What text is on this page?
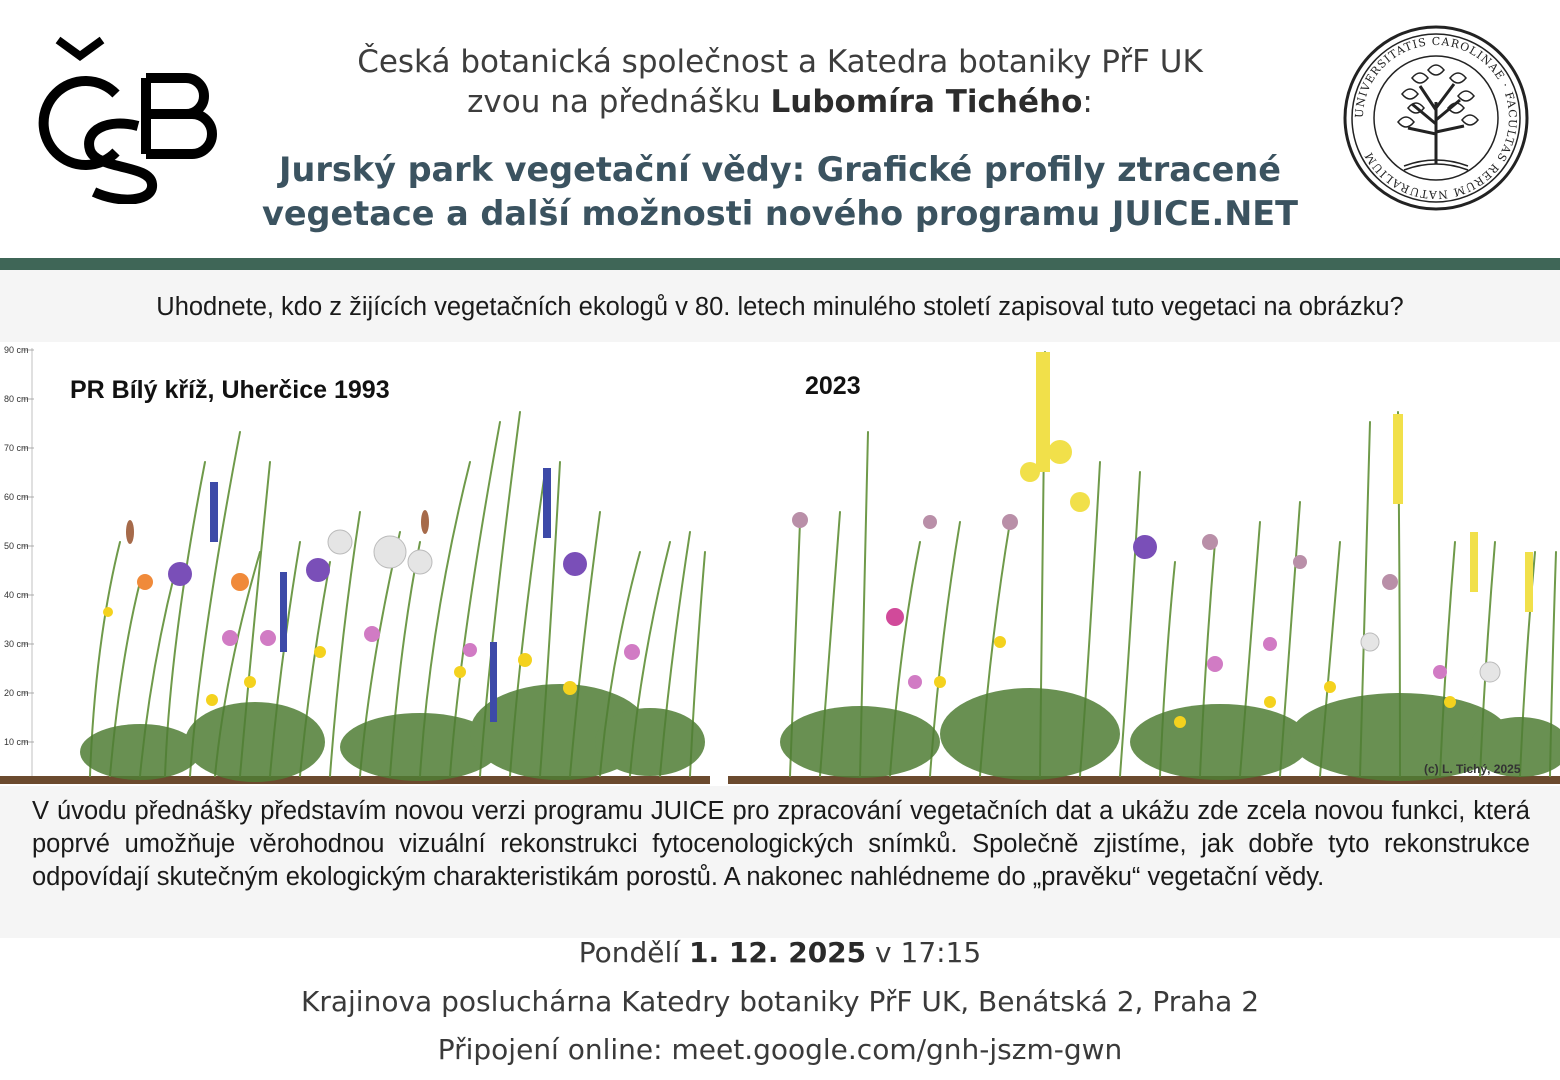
ČSB
Česká botanická společnost a Katedra botaniky PřF UK
zvou na přednášku Lubomíra Tichého:
Jurský park vegetační vědy: Grafické profily ztracené
vegetace a další možnosti nového programu JUICE.NET
UNIVERSITATIS CAROLINAE · FACULTAS RERUM NATURALIUM
Uhodnete, kdo z žijících vegetačních ekologů v 80. letech minulého století zapisoval tuto vegetaci na obrázku?
90 cm
80 cm
70 cm
60 cm
50 cm
40 cm
30 cm
20 cm
10 cm
PR Bílý kříž, Uherčice 1993	2023
(c) L. Tichý, 2025
V úvodu přednášky představím novou verzi programu JUICE pro zpracování vegetačních dat a ukážu zde zcela novou funkci, která poprvé umožňuje věrohodnou vizuální rekonstrukci fytocenologických snímků. Společně zjistíme, jak dobře tyto rekonstrukce odpovídají skutečným ekologickým charakteristikám porostů. A nakonec nahlédneme do „pravěku“ vegetační vědy.
Pondělí 1. 12. 2025 v 17:15
Krajinova posluchárna Katedry botaniky PřF UK, Benátská 2, Praha 2
Připojení online: meet.google.com/gnh-jszm-gwn
